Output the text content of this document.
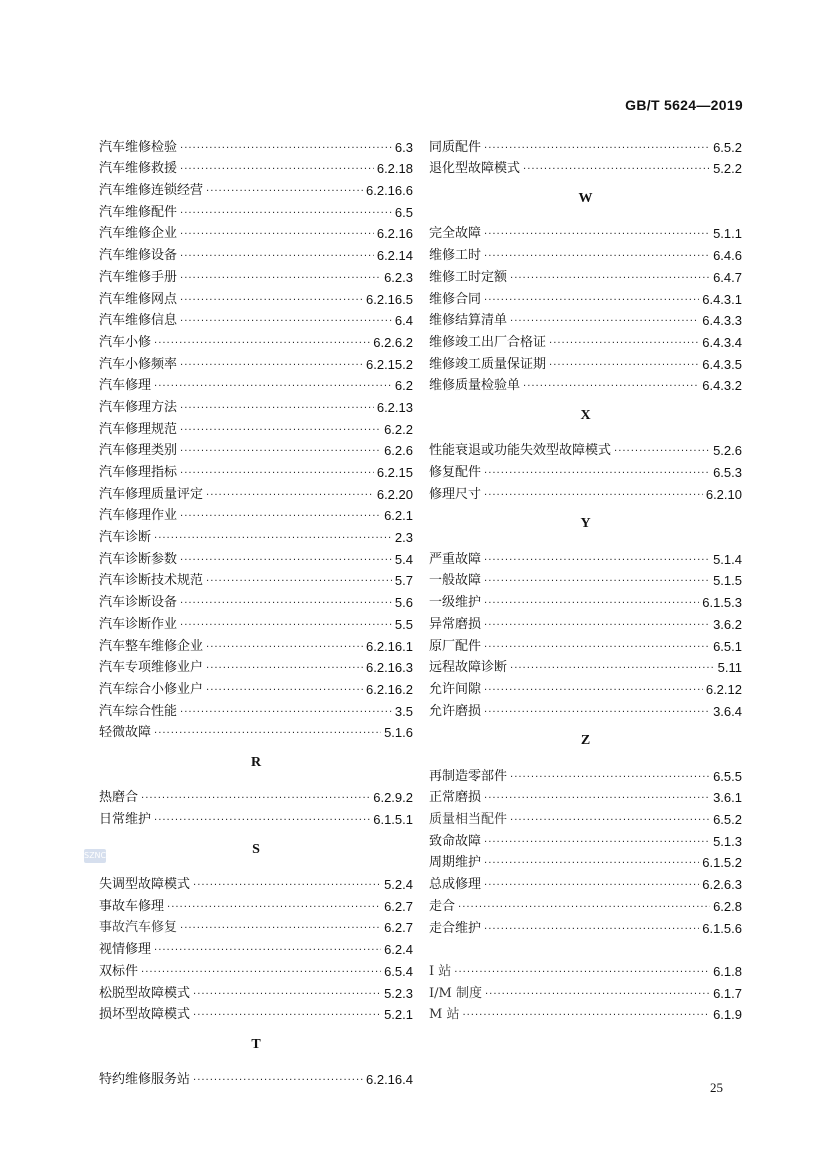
GB/T 5624—2019
汽车维修检验 ·····	6.3
汽车维修救援 ·····	6.2.18
汽车维修连锁经营 ·····	6.2.16.6
汽车维修配件 ·····	6.5
汽车维修企业 ·····	6.2.16
汽车维修设备 ·····	6.2.14
汽车维修手册 ·····	6.2.3
汽车维修网点 ·····	6.2.16.5
汽车维修信息 ·····	6.4
汽车小修 ·····	6.2.6.2
汽车小修频率 ·····	6.2.15.2
汽车修理 ·····	6.2
汽车修理方法 ·····	6.2.13
汽车修理规范 ·····	6.2.2
汽车修理类别 ·····	6.2.6
汽车修理指标 ·····	6.2.15
汽车修理质量评定 ·····	6.2.20
汽车修理作业 ·····	6.2.1
汽车诊断 ·····	2.3
汽车诊断参数 ·····	5.4
汽车诊断技术规范 ·····	5.7
汽车诊断设备 ·····	5.6
汽车诊断作业 ·····	5.5
汽车整车维修企业 ·····	6.2.16.1
汽车专项维修业户 ·····	6.2.16.3
汽车综合小修业户 ·····	6.2.16.2
汽车综合性能 ·····	3.5
轻微故障 ·····	5.1.6
R
热磨合 ·····	6.2.9.2
日常维护 ·····	6.1.5.1
S
失调型故障模式 ·····	5.2.4
事故车修理 ·····	6.2.7
事故汽车修复 ·····	6.2.7
视情修理 ·····	6.2.4
双标件 ·····	6.5.4
松脱型故障模式 ·····	5.2.3
损坏型故障模式 ·····	5.2.1
T
特约维修服务站 ·····	6.2.16.4
同质配件 ·····	6.5.2
退化型故障模式 ·····	5.2.2
W
完全故障 ·····	5.1.1
维修工时 ·····	6.4.6
维修工时定额 ·····	6.4.7
维修合同 ·····	6.4.3.1
维修结算清单 ·····	6.4.3.3
维修竣工出厂合格证 ·····	6.4.3.4
维修竣工质量保证期 ·····	6.4.3.5
维修质量检验单 ·····	6.4.3.2
X
性能衰退或功能失效型故障模式 ·····	5.2.6
修复配件 ·····	6.5.3
修理尺寸 ·····	6.2.10
Y
严重故障 ·····	5.1.4
一般故障 ·····	5.1.5
一级维护 ·····	6.1.5.3
异常磨损 ·····	3.6.2
原厂配件 ·····	6.5.1
远程故障诊断 ·····	5.11
允许间隙 ·····	6.2.12
允许磨损 ·····	3.6.4
Z
再制造零部件 ·····	6.5.5
正常磨损 ·····	3.6.1
质量相当配件 ·····	6.5.2
致命故障 ·····	5.1.3
周期维护 ·····	6.1.5.2
总成修理 ·····	6.2.6.3
走合 ·····	6.2.8
走合维护 ·····	6.1.5.6
I 站 ·····	6.1.8
I/M 制度 ·····	6.1.7
M 站 ·····	6.1.9
SZNC
25
